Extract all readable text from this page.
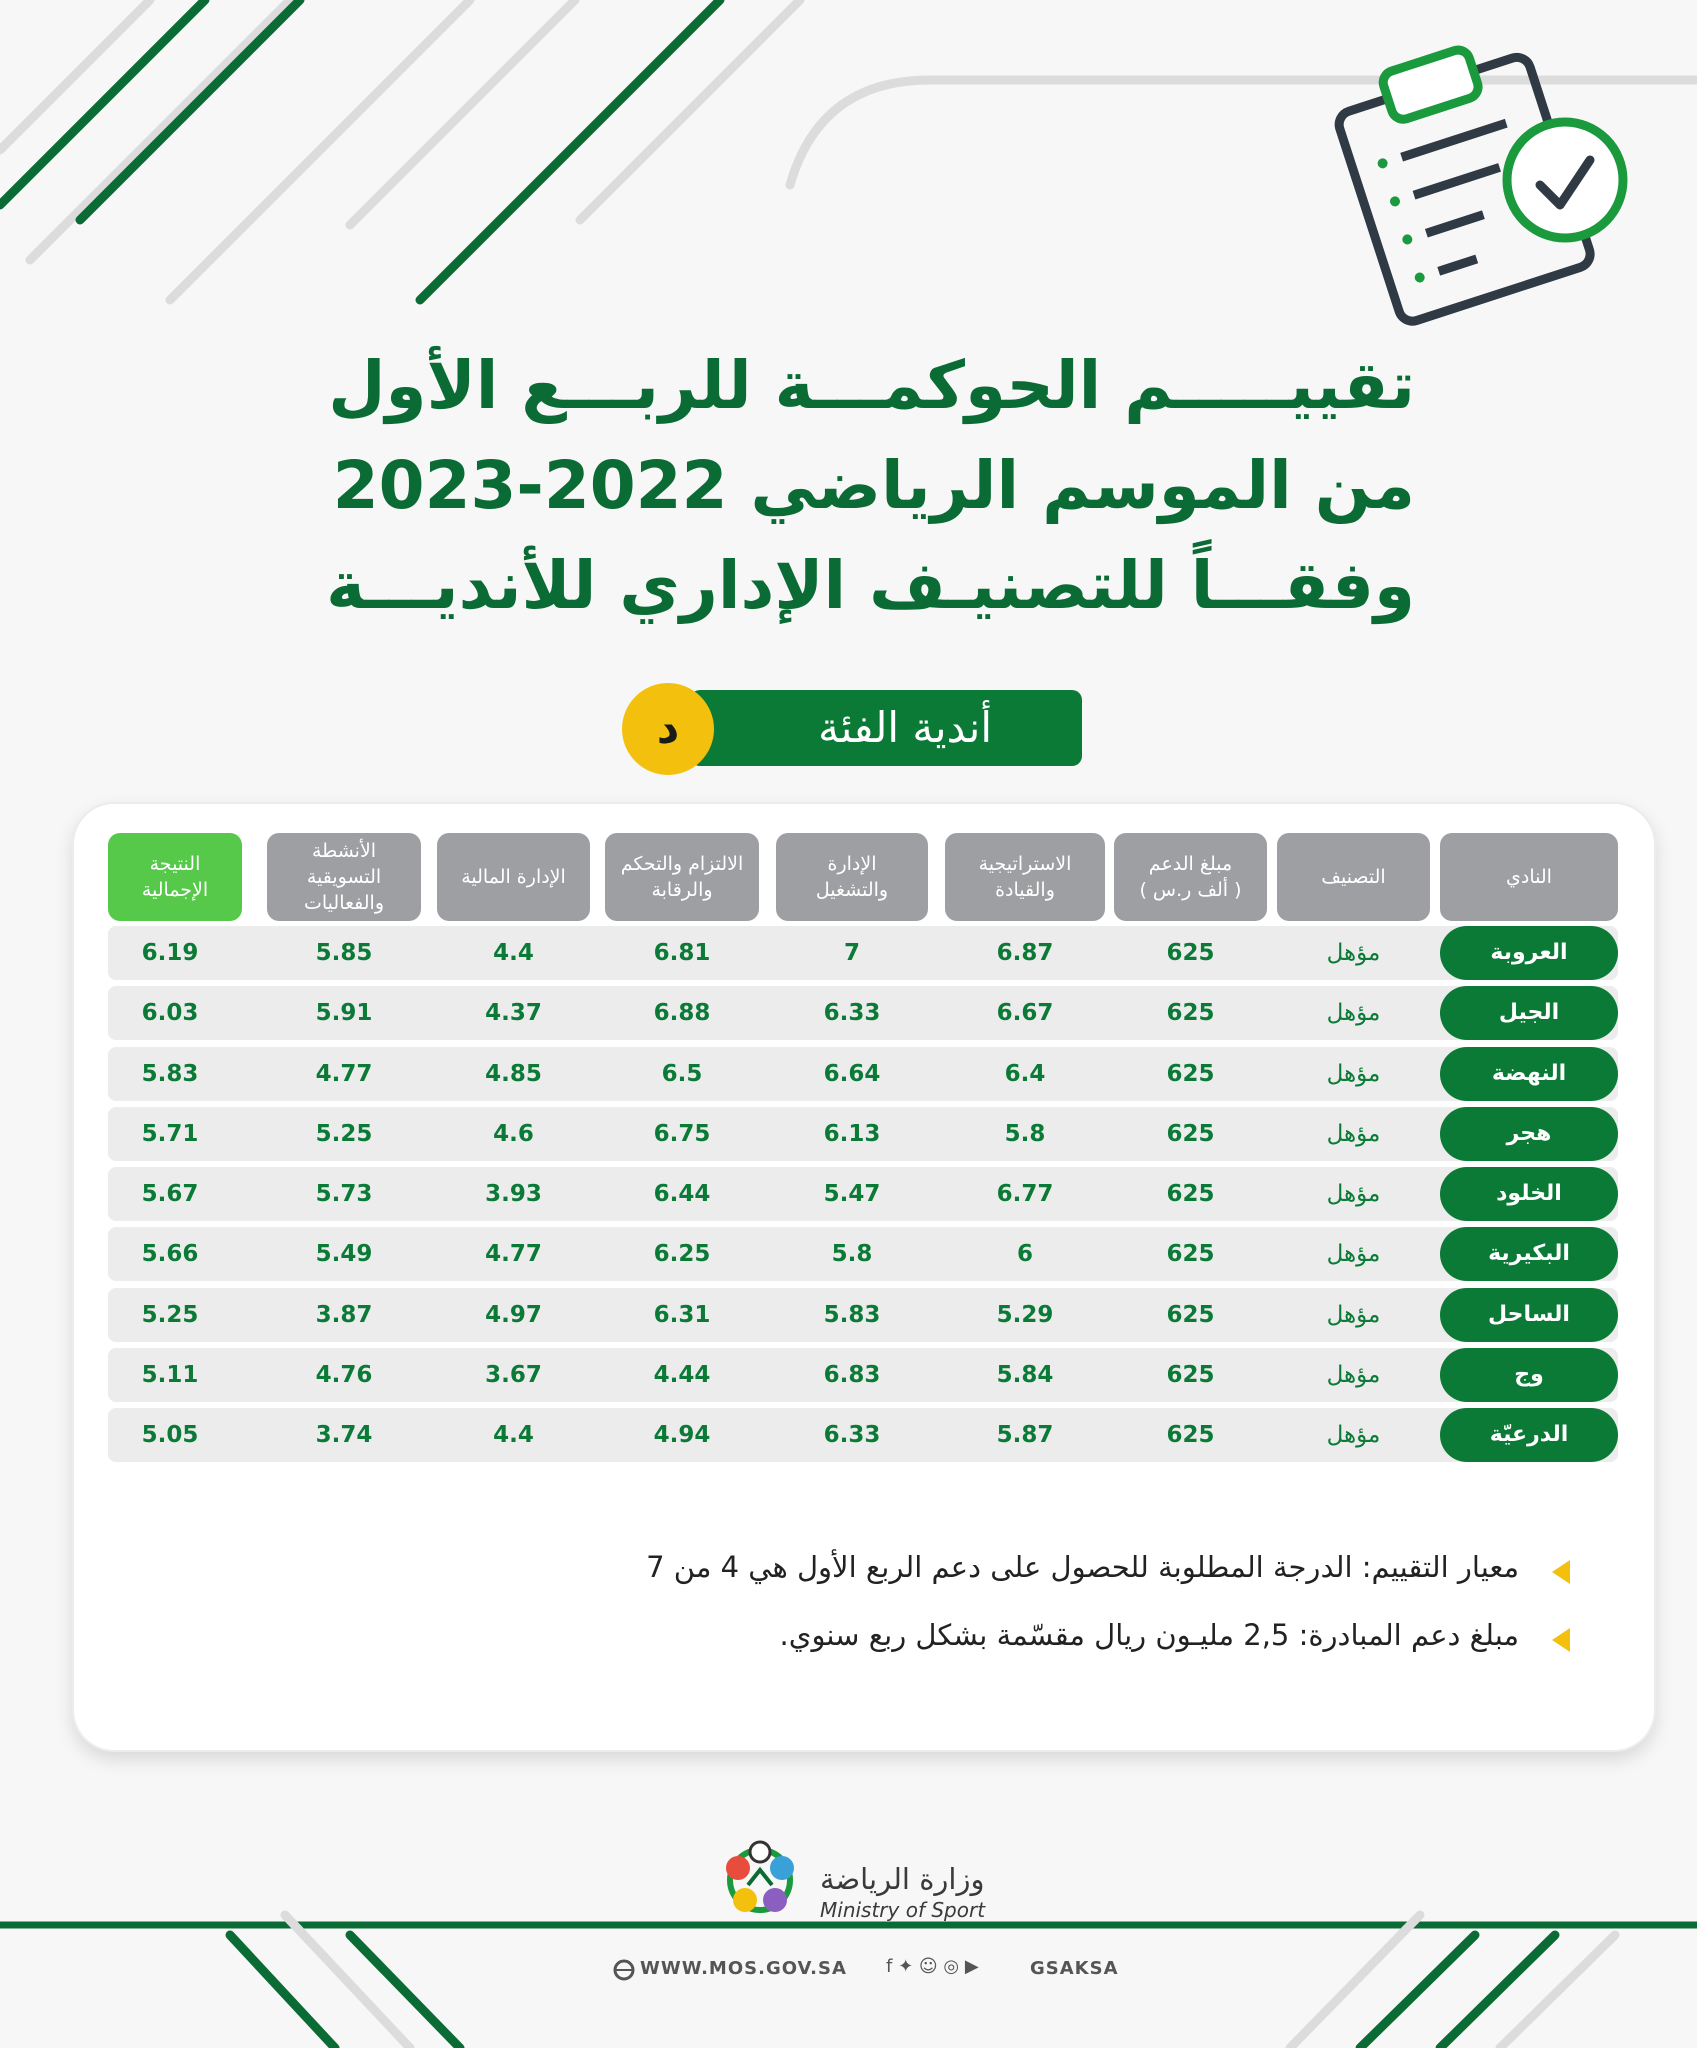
تقييـــــم الحوكمـــة للربـــع الأول
من الموسم الرياضي 2022-2023
وفقـــاً للتصنيـف الإداري للأنديـــة
أندية الفئة
د
النادي
التصنيف
مبلغ الدعم
( ألف ر.س )
الاستراتيجية
والقيادة
الإدارة
والتشغيل
الالتزام والتحكم
والرقابة
الإدارة المالية
الأنشطة
التسويقية
والفعاليات
النتيجة
الإجمالية
العروبة
مؤهل
625
6.87
7
6.81
4.4
5.85
6.19
الجيل
مؤهل
625
6.67
6.33
6.88
4.37
5.91
6.03
النهضة
مؤهل
625
6.4
6.64
6.5
4.85
4.77
5.83
هجر
مؤهل
625
5.8
6.13
6.75
4.6
5.25
5.71
الخلود
مؤهل
625
6.77
5.47
6.44
3.93
5.73
5.67
البكيرية
مؤهل
625
6
5.8
6.25
4.77
5.49
5.66
الساحل
مؤهل
625
5.29
5.83
6.31
4.97
3.87
5.25
وج
مؤهل
625
5.84
6.83
4.44
3.67
4.76
5.11
الدرعيّة
مؤهل
625
5.87
6.33
4.94
4.4
3.74
5.05
معيار التقييم: الدرجة المطلوبة للحصول على دعم الربع الأول هي 4 من 7
مبلغ دعم المبادرة: 2,5 مليـون ريال مقسّمة بشكل ربع سنوي.
وزارة الرياضة
Ministry of Sport
WWW.MOS.GOV.SA f ✦ ☺ ◎ ▶	GSAKSA
